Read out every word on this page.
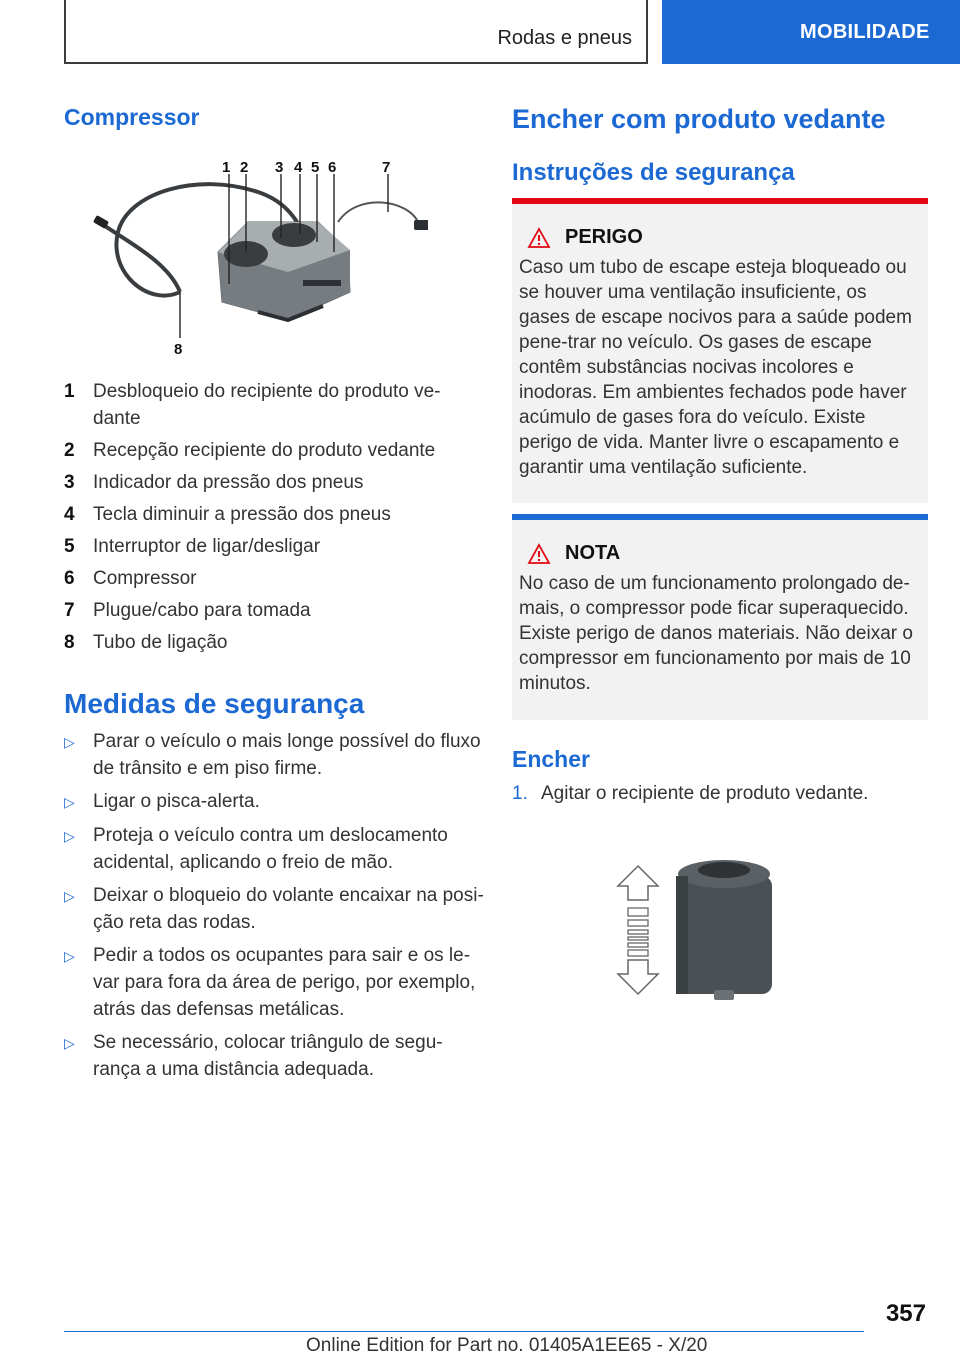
Rodas e pneus	MOBILIDADE
Compressor
1 2 3 4 5 6	7
8
1 Desbloqueio do recipiente do produto ve‐dante
2 Recepção recipiente do produto vedante
3 Indicador da pressão dos pneus
4 Tecla diminuir a pressão dos pneus
5 Interruptor de ligar/desligar
6 Compressor
7 Plugue/cabo para tomada
8 Tubo de ligação
Medidas de segurança
▷ Parar o veículo o mais longe possível do fluxo de trânsito e em piso firme.
▷ Ligar o pisca-alerta.
▷ Proteja o veículo contra um deslocamento acidental, aplicando o freio de mão.
▷ Deixar o bloqueio do volante encaixar na posi‐ção reta das rodas.
▷ Pedir a todos os ocupantes para sair e os le‐var para fora da área de perigo, por exemplo, atrás das defensas metálicas.
▷ Se necessário, colocar triângulo de segu‐rança a uma distância adequada.
Encher com produto vedante
Instruções de segurança
PERIGO
Caso um tubo de escape esteja bloqueado ou se houver uma ventilação insuficiente, os gases de escape nocivos para a saúde podem pene‐trar no veículo. Os gases de escape contêm substâncias nocivas incolores e inodoras. Em ambientes fechados pode haver acúmulo de gases fora do veículo. Existe perigo de vida. Manter livre o escapamento e garantir uma ventilação suficiente.
NOTA
No caso de um funcionamento prolongado de‐mais, o compressor pode ficar superaquecido. Existe perigo de danos materiais. Não deixar o compressor em funcionamento por mais de 10 minutos.
Encher
1. Agitar o recipiente de produto vedante.
357
Online Edition for Part no. 01405A1EE65 - X/20
